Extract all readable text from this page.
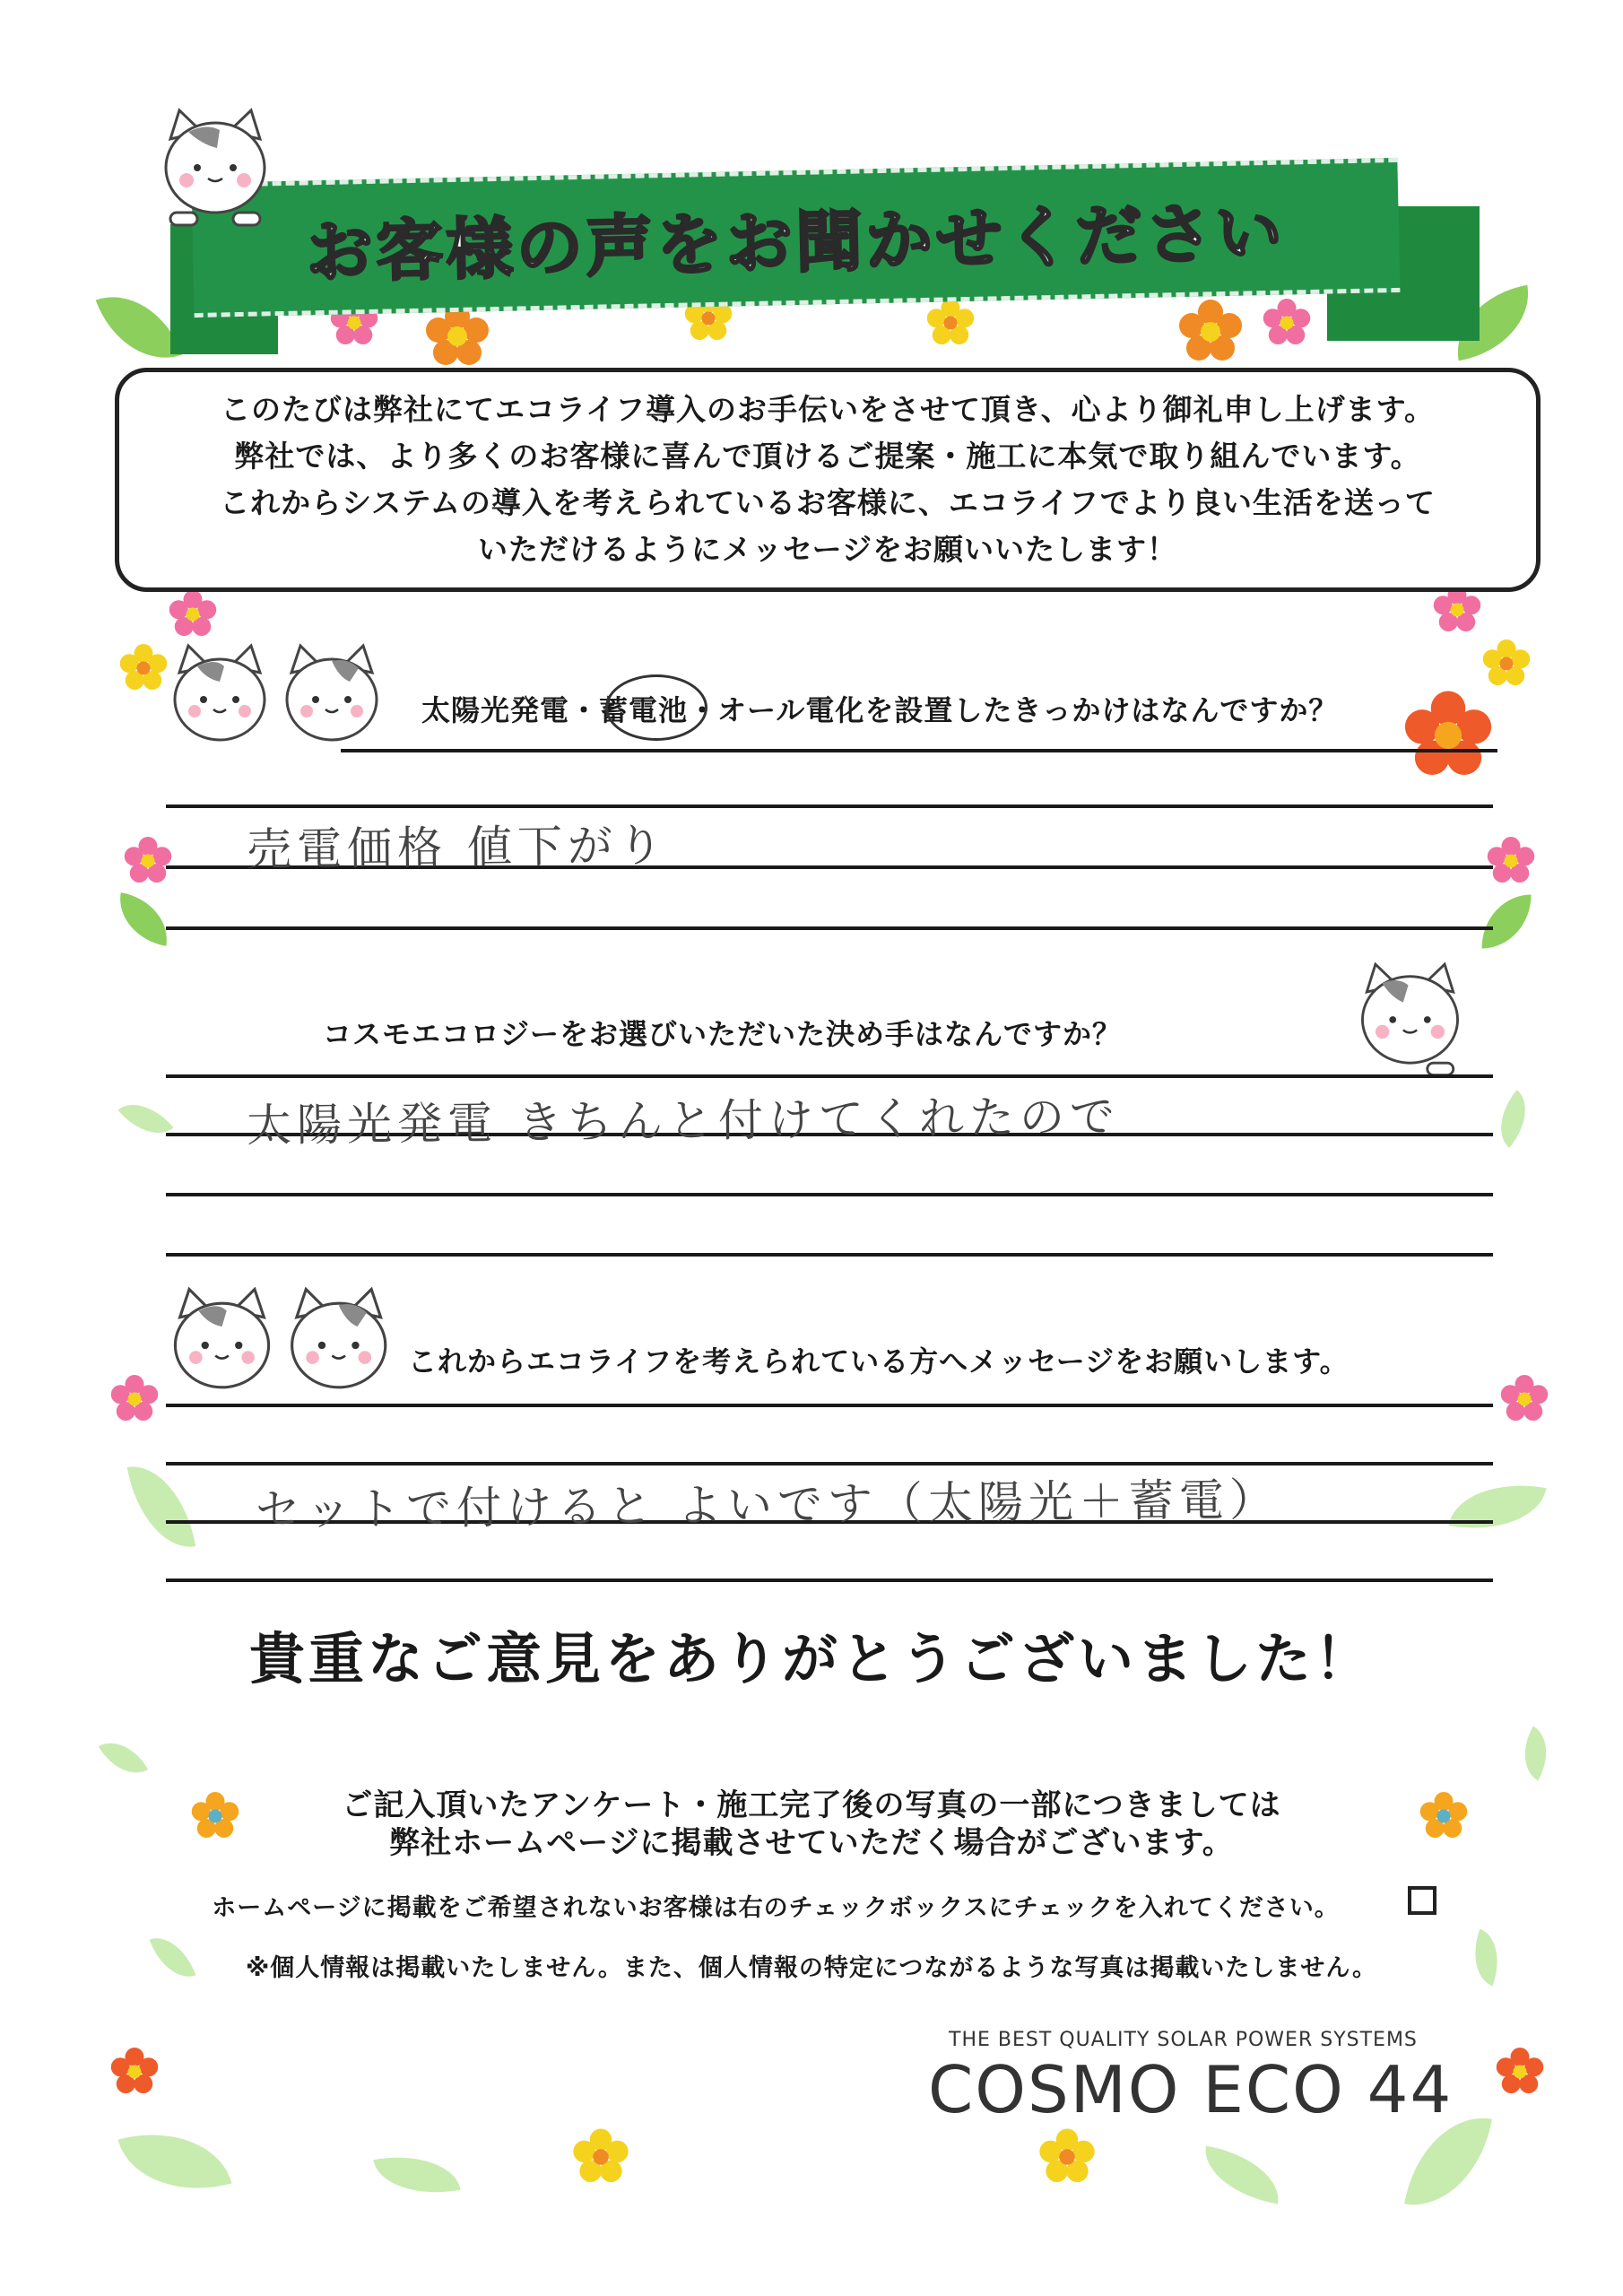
お客様の声をお聞かせください

このたびは弊社にてエコライフ導入のお手伝いをさせて頂き、心より御礼申し上げます。

弊社では、より多くのお客様に喜んで頂けるご提案・施工に本気で取り組んでいます。

これからシステムの導入を考えられているお客様に、エコライフでより良い生活を送って

いただけるようにメッセージをお願いいたします！

太陽光発電・蓄電池・オール電化を設置したきっかけはなんですか？
売電価格 値下がり
コスモエコロジーをお選びいただいた決め手はなんですか？
太陽光発電 きちんと付けてくれたので
これからエコライフを考えられている方へメッセージをお願いします。
セットで付けると よいです（太陽光＋蓄電）
貴重なご意見をありがとうございました！
ご記入頂いたアンケート・施工完了後の写真の一部につきましては
弊社ホームページに掲載させていただく場合がございます。
ホームページに掲載をご希望されないお客様は右のチェックボックスにチェックを入れてください。
※個人情報は掲載いたしません。また、個人情報の特定につながるような写真は掲載いたしません。
THE BEST QUALITY SOLAR POWER SYSTEMS
COSMO ECO 44
